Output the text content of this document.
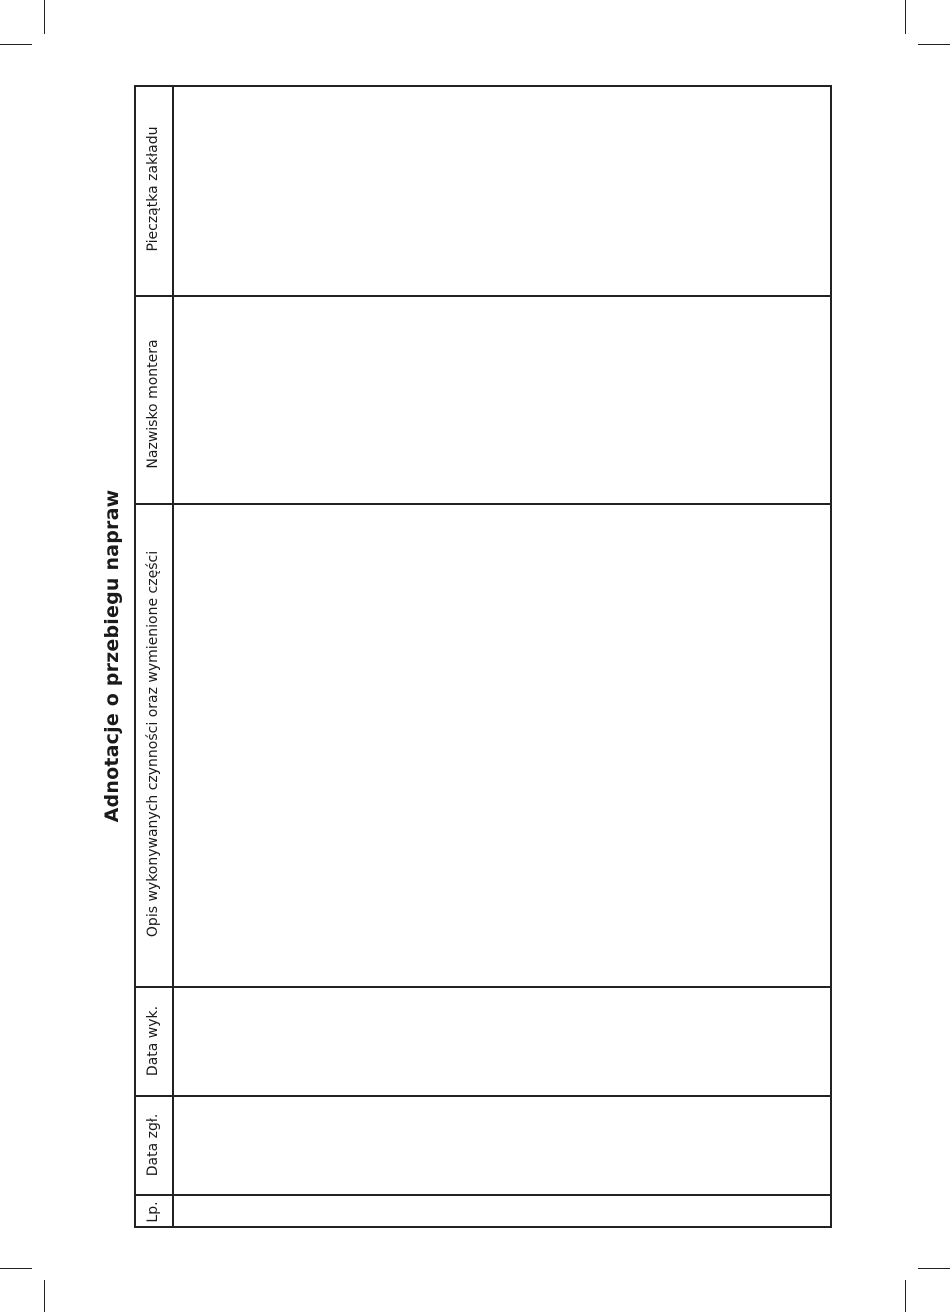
Adnotacje o przebiegu napraw
Pieczątka zakładu
Nazwisko montera
Opis wykonywanych czynności oraz wymienione części
Data wyk.
Data zgł.
Lp.
